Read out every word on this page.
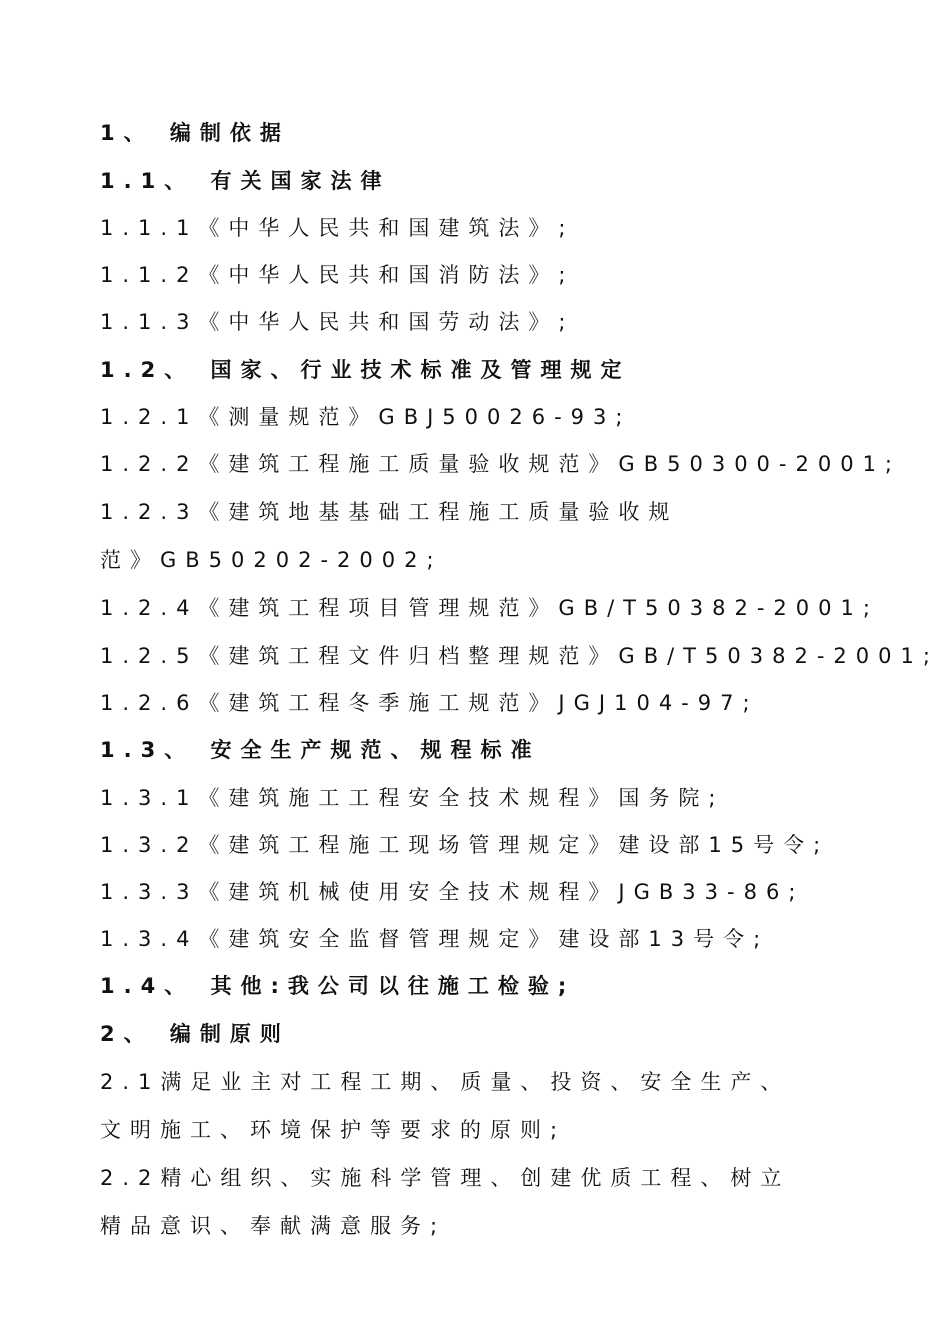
1、 编制依据
1.1、 有关国家法律
1.1.1《中华人民共和国建筑法》;
1.1.2《中华人民共和国消防法》;
1.1.3《中华人民共和国劳动法》;
1.2、 国家、行业技术标准及管理规定
1.2.1《测量规范》GBJ50026-93;
1.2.2《建筑工程施工质量验收规范》GB50300-2001;
1.2.3《建筑地基基础工程施工质量验收规
范》GB50202-2002;
1.2.4《建筑工程项目管理规范》GB/T50382-2001;
1.2.5《建筑工程文件归档整理规范》GB/T50382-2001;
1.2.6《建筑工程冬季施工规范》JGJ104-97;
1.3、 安全生产规范、规程标准
1.3.1《建筑施工工程安全技术规程》国务院;
1.3.2《建筑工程施工现场管理规定》建设部15号令;
1.3.3《建筑机械使用安全技术规程》JGB33-86;
1.3.4《建筑安全监督管理规定》建设部13号令;
1.4、 其他:我公司以往施工检验;
2、 编制原则
2.1满足业主对工程工期、质量、投资、安全生产、
文明施工、环境保护等要求的原则;
2.2精心组织、实施科学管理、创建优质工程、树立
精品意识、奉献满意服务;
